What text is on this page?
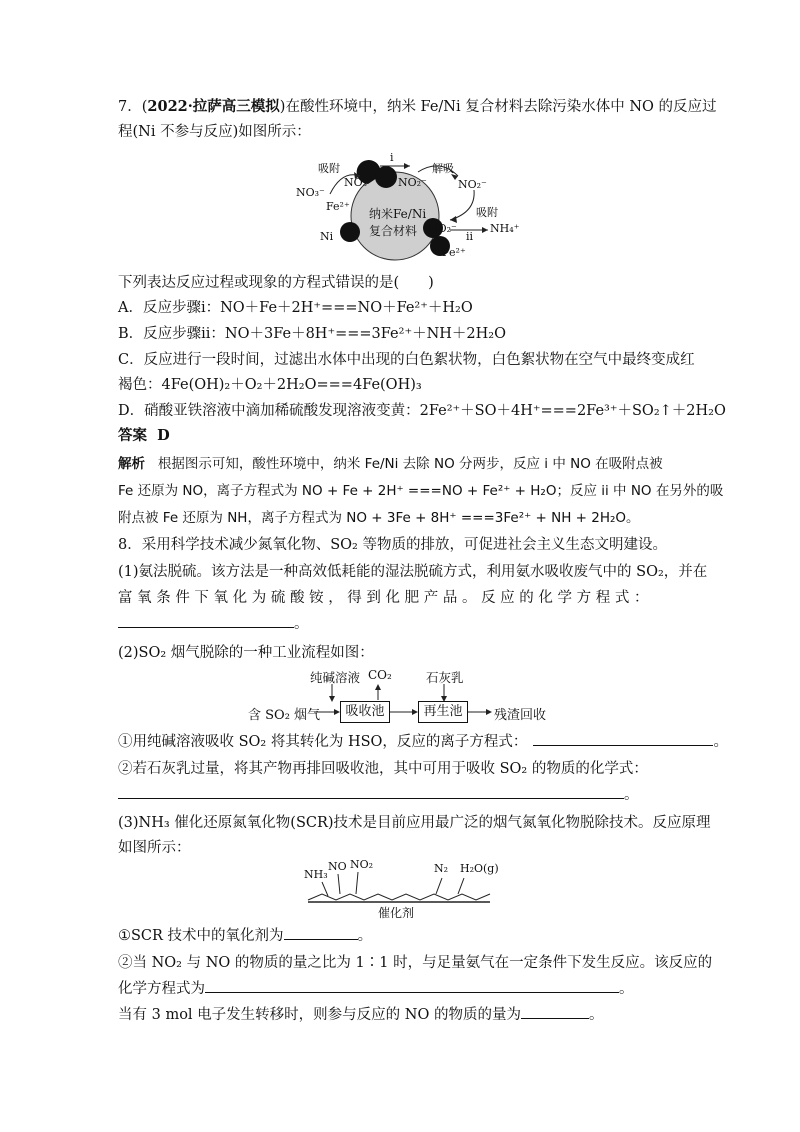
7．(2022·拉萨高三模拟)在酸性环境中，纳米 Fe/Ni 复合材料去除污染水体中 NO 的反应过
程(Ni 不参与反应)如图所示：
吸附
i
解吸
NO₃⁻
NO₃⁻ NO₂⁻	NO₂⁻
Fe²⁺	吸附
纳米Fe/Ni
复合材料
Ni
NO₂⁻
ii
NH₄⁺
Fe²⁺
下列表达反应过程或现象的方程式错误的是(　　)
A．反应步骤ⅰ：NO＋Fe＋2H⁺===NO＋Fe²⁺＋H₂O
B．反应步骤ⅱ：NO＋3Fe＋8H⁺===3Fe²⁺＋NH＋2H₂O
C．反应进行一段时间，过滤出水体中出现的白色絮状物，白色絮状物在空气中最终变成红
褐色：4Fe(OH)₂＋O₂＋2H₂O===4Fe(OH)₃
D．硝酸亚铁溶液中滴加稀硫酸发现溶液变黄：2Fe²⁺＋SO＋4H⁺===2Fe³⁺＋SO₂↑＋2H₂O
答案 D
解析 根据图示可知，酸性环境中，纳米 Fe/Ni 去除 NO 分两步，反应 i 中 NO 在吸附点被
Fe 还原为 NO，离子方程式为 NO + Fe + 2H⁺ ===NO + Fe²⁺ + H₂O；反应 ii 中 NO 在另外的吸
附点被 Fe 还原为 NH，离子方程式为 NO + 3Fe + 8H⁺ ===3Fe²⁺ + NH + 2H₂O。
8．采用科学技术减少氮氧化物、SO₂ 等物质的排放，可促进社会主义生态文明建设。
(1)氨法脱硫。该方法是一种高效低耗能的湿法脱硫方式，利用氨水吸收废气中的 SO₂，并在
富 氧 条 件 下 氧 化 为 硫 酸 铵 ， 得 到 化 肥 产 品 。 反 应 的 化 学 方 程 式 ：
。
(2)SO₂ 烟气脱除的一种工业流程如图：
纯碱溶液 CO₂	石灰乳
含 SO₂ 烟气	吸收池	再生池	残渣回收
①用纯碱溶液吸收 SO₂ 将其转化为 HSO，反应的离子方程式：	。
②若石灰乳过量，将其产物再排回吸收池，其中可用于吸收 SO₂ 的物质的化学式：
。
(3)NH₃ 催化还原氮氧化物(SCR)技术是目前应用最广泛的烟气氮氧化物脱除技术。反应原理
如图所示：
NH₃
NO NO₂	N₂ H₂O(g)
催化剂
①SCR 技术中的氧化剂为	。
②当 NO₂ 与 NO 的物质的量之比为 1∶1 时，与足量氨气在一定条件下发生反应。该反应的
化学方程式为	。
当有 3 mol 电子发生转移时，则参与反应的 NO 的物质的量为	。
